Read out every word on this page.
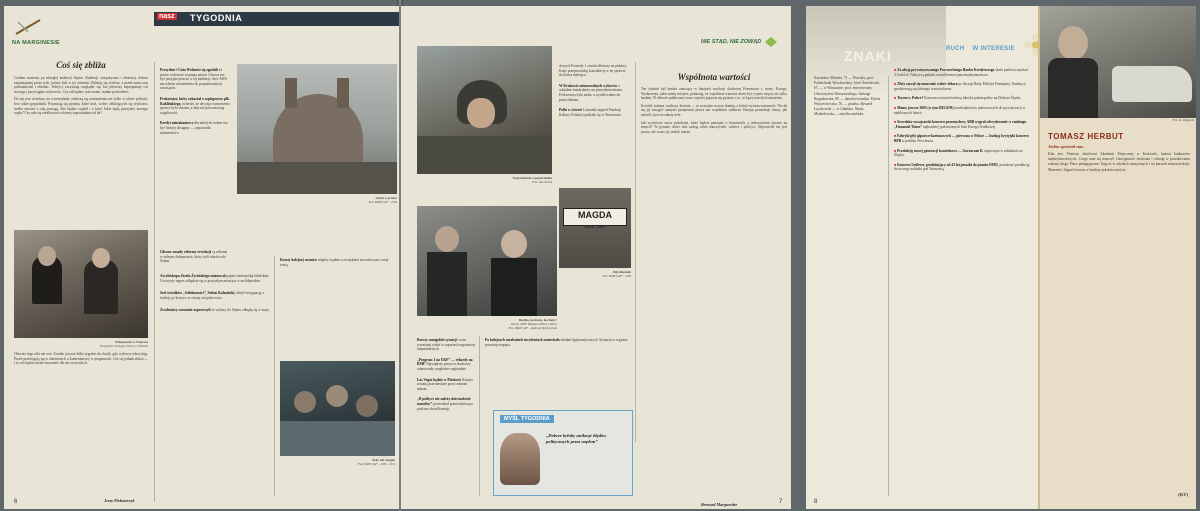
NA MARGINESIE
nasz TYGODNIA
Coś się zbliża

Czołem możemy po ubiegłej kadencji Sejmu. Kadencji sympatyczne i złożonej, dobrze zapamiętanej przez tych, którzy byli w jej centrum. Zbliżają się wybory, a przed nami czas podsumowań i obietnic. Politycy zaczynają rozglądać się, kto pierwszy zaproponuje coś nowego i przyciągnie wyborców. Czy tak będzie tym razem, trudno powiedzieć.

Do naj jesz września, że wiceartykuły odnoszą się zrozumienia nie tylko w sferze polityki, lecz także gospodarki. Pojawiają się pytania, które dziś, wobec zbliżających się wyborów, trzeba stawiać z całą powagą. Kto będzie rządził i z kim? Jakie będą priorytety nowego rządu? Czy uda się zrealizować reformy zapowiadane od lat?

Pożegnanie w Franców
Przyjaciel Jerzego Olsen w Wolinie

Obecnie tego nikt nie wie. Zostało jeszcze kilka tygodni do chwili, gdy wyborcy zdecydują. Partie prześcigają się w obietnicach, a komentatorzy w prognozach. Coś się jednak zbliża — i to coś będzie miało znaczenie dla nas wszystkich.

Jerzy Pieksarczyk
6

Prezydent i Unia Wolności się zgodzili że prawo wyborcze wymaga zmian. Ustawa ma być przyjęta jeszcze w tej kadencji, choć AWS ma własne zastrzeżenia do proponowanych rozwiązań.

Prokurator, który oskarżał o szpiegostwo płk. Kuklińskiego, twierdzi, że decyzja o umorzeniu sprawy była słuszna, a akta nie pozostawiają wątpliwości.

Kredyt mieszkaniowy dla młodych rodzin ma być łatwiej dostępny — zapowiada ministerstwo.

Znaki w grunie
Fot. PAP/CAF - 2/99

Głowne zasady reformy rewelacji są zebrane w jednym dokumencie, który trafi wkrótce do Sejmu.

Arcybiskupa Józefa Życińskiego mianował papież metropolitą lubelskim. Uroczysty ingres odbędzie się w przyszłym miesiącu w archikatedrze.

Szef ośrodków „Solidarności”, Stefan Kolasiński, złożył rezygnację z funkcji po krytyce ze strony związkowców.

Zwolennicy szostanie zaprzeczyli że wybory do Sejmu odbędą się w maju.

Koszty kolejnej rozmów między rządem a związkami zawodowymi wciąż rosną.

Żeby nie ustąpić
Fot. PAP/CAF - 2/99 - 27/4
NIE STĄD, NIE ZOWĄD
Wspomnienie o poprzedniku
Fot. Jan Żarek

dowych Formuły 1 został odłożony na później. Kraje przeprowadzą konsultacje w tej sprawie do końca miesiąca.

W Krakowie niemorzalnych wyborów z udziałem kandydatów na prezydenta miasta. Frekwencja była niska, a wyniki trudne do przewidzenia.

Polki w świecie Laureatki nagród Fundacji Kultury Polskiej spotkały się w Warszawie.

Wspólnota wartości

Ten tydzień był bardzo znaczący w dziejach ewolucji duchowej Francuzów i, może, Europy. Wydarzenia, jakie miały miejsce, pokazują, że wspólnota wartości może być czymś więcej niż tylko hasłem. W debacie publicznej coraz częściej pojawia się pytanie o to, co łączy narody kontynentu.

Kościół, kultura, tradycja, historia — to wszystko tworzy tkankę, z której wyrasta tożsamość. Nie da się jej zastąpić samymi przepisami prawa ani wspólnym rynkiem. Europa potrzebuje duszy, jak mówili ojcowie założyciele.

Jak wychować nowe pokolenie, które będzie pamiętać o korzeniach, a jednocześnie otwarte na innych? To pytanie, które dziś zadają sobie nauczyciele, rodzice i politycy. Odpowiedź nie jest prosta, ale warto jej szukać razem.

Bernard Margueritte	7
MAGDA
1973 - 1997
Mój dziennik
Fot. PAP/CAF - 2/99
Bardzo, kochany, kochany!
Kiedy 2000 Władem Półot i Wiley
Fot. PAP/CAF - Andrzej Rybczyński

Rzeczy mongolski sytuacji coraz wyraźniej widać w raportach organizacji humanitarnych.

„Program 1 na UKF” — rekordy na RMF Największy przyrost słuchaczy odnotowały rozgłośnie regionalne.

Las Vegas będzie w Moskwie Kasyna zostaną przeniesione poza centrum miasta.

„Ił polityce nie należy doświadczeń narodów” powiedział przewodniczący podczas obrad komisji.

Po kolejnych ustaleniach incydentach zaniechało działań dyplomatycznych. Sytuacja w regionie pozostaje napięta.

MYŚL TYGODNIA
„Dobrze byłoby uniknąć błędów politycznych przez rządem”
ZNAKI	RUCH W INTERESIE

Kazimierz Albiński, 71 — Wrocław, prof. Politechniki Wrocławskiej. Józef Śmielewski, 67, — w Warszawie, prof. emerytowany Uniwersytetu Warszawskiego. Jadwiga Bogusławska, 89, — aktorka teatralna. Elwira Wojciechowska, 76, — pisarka. Ryszard Łęczkowski — w Gdańsku. Maria Modzelewska — artystka malarka.

■ Za akcję prywatyzowanego Powszechnego Banku Kredytowego skarb państwa uzyskał 3,5 mld zł. Nabywcą pakietu został konsorcjum międzynarodowe.

■ Złoty zaczął się umacniać wobec dolara po decyzji Rady Polityki Pieniężnej. Analitycy spodziewają się dalszego wzrostu kursu.

■ Toyota w Polsce? Koncern rozważa budowę fabryki podzespołów na Dolnym Śląsku.

■ Mamy jeszcze 3695 (w tym REGON) przedsiębiorstw państwowych do prywatyzacji w najbliższych latach.

■ Szwedzko-szwajcarski koncern przemysłowy ABB wygrał zdecydowanie w rankingu „Financial Times” najbardziej podziwianych firm Europy Środkowej.

■ Fabryki płyt gipsowo-kartonowych — pierwsza w Polsce — budują brytyjski koncern BPB w pobliżu Wrocławia.

■ Produkcję nowej generacji komórkowe — Gorzaczan K rozpoczęto w zakładach na Śląsku.

■ Koncern Unilever, produkujący od 43 lat proszki do prania OMO, przeniesie produkcję do nowego zakładu pod Warszawą.

8
Fot. K. Bogucki
TOMASZ HERBUT
Jedno spośród nas.

Kim jest: Pianista, absolwent Akademii Muzycznej w Krakowie, laureat konkursów międzynarodowych. Czego nam się nauczył: Umiejętności słuchania i odwagi w poszukiwaniu własnej drogi. Prace pedagogiczne: Zajęcia w szkołach muzycznych i na kursach mistrzowskich. Marzenie: Zagrać koncert w każdym polskim mieście.

(KT)
